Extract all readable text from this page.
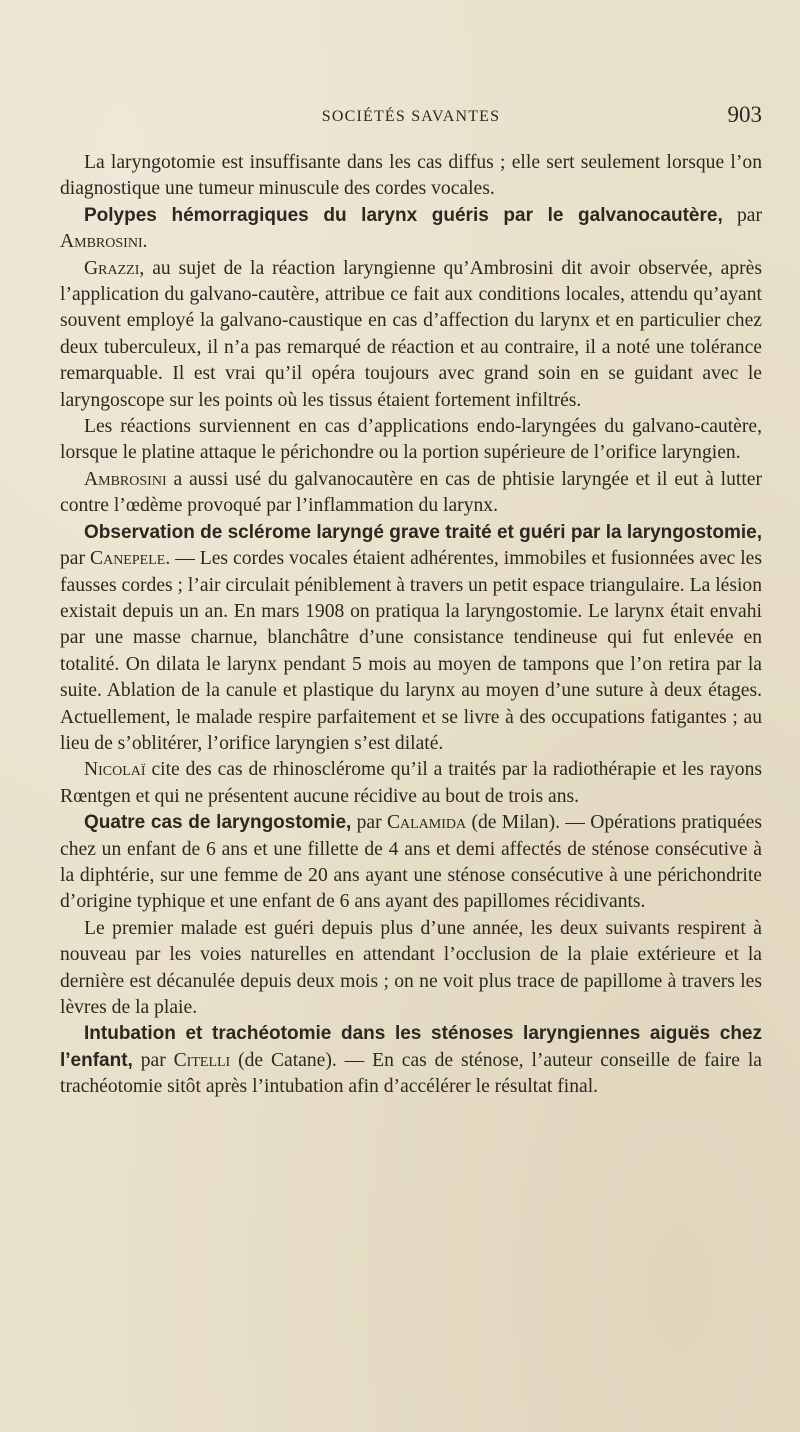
SOCIÉTÉS SAVANTES	903

La laryngotomie est insuffisante dans les cas diffus ; elle sert seulement lorsque l’on diagnostique une tumeur minuscule des cordes vocales.

Polypes hémorragiques du larynx guéris par le galvanocautère, par Ambrosini.

Grazzi, au sujet de la réaction laryngienne qu’Ambrosini dit avoir observée, après l’application du galvano-cautère, attribue ce fait aux conditions locales, attendu qu’ayant souvent employé la galvano-caustique en cas d’affection du larynx et en particulier chez deux tuberculeux, il n’a pas remarqué de réaction et au contraire, il a noté une tolérance remarquable. Il est vrai qu’il opéra toujours avec grand soin en se guidant avec le laryngoscope sur les points où les tissus étaient fortement infiltrés.

Les réactions surviennent en cas d’applications endo-laryngées du galvano-cautère, lorsque le platine attaque le périchondre ou la portion supérieure de l’orifice laryngien.

Ambrosini a aussi usé du galvanocautère en cas de phtisie laryngée et il eut à lutter contre l’œdème provoqué par l’inflammation du larynx.

Observation de sclérome laryngé grave traité et guéri par la laryngostomie, par Canepele. — Les cordes vocales étaient adhérentes, immobiles et fusionnées avec les fausses cordes ; l’air circulait péniblement à travers un petit espace triangulaire. La lésion existait depuis un an. En mars 1908 on pratiqua la laryngostomie. Le larynx était envahi par une masse charnue, blanchâtre d’une consistance tendineuse qui fut enlevée en totalité. On dilata le larynx pendant 5 mois au moyen de tampons que l’on retira par la suite. Ablation de la canule et plastique du larynx au moyen d’une suture à deux étages. Actuellement, le malade respire parfaitement et se livre à des occupations fatigantes ; au lieu de s’oblitérer, l’orifice laryngien s’est dilaté.

Nicolaï cite des cas de rhinosclérome qu’il a traités par la radiothérapie et les rayons Rœntgen et qui ne présentent aucune récidive au bout de trois ans.

Quatre cas de laryngostomie, par Calamida (de Milan). — Opérations pratiquées chez un enfant de 6 ans et une fillette de 4 ans et demi affectés de sténose consécutive à la diphtérie, sur une femme de 20 ans ayant une sténose consécutive à une périchondrite d’origine typhique et une enfant de 6 ans ayant des papillomes récidivants.

Le premier malade est guéri depuis plus d’une année, les deux suivants respirent à nouveau par les voies naturelles en attendant l’occlusion de la plaie extérieure et la dernière est décanulée depuis deux mois ; on ne voit plus trace de papillome à travers les lèvres de la plaie.

Intubation et trachéotomie dans les sténoses laryngiennes aiguës chez l’enfant, par Citelli (de Catane). — En cas de sténose, l’auteur conseille de faire la trachéotomie sitôt après l’intubation afin d’accélérer le résultat final.
